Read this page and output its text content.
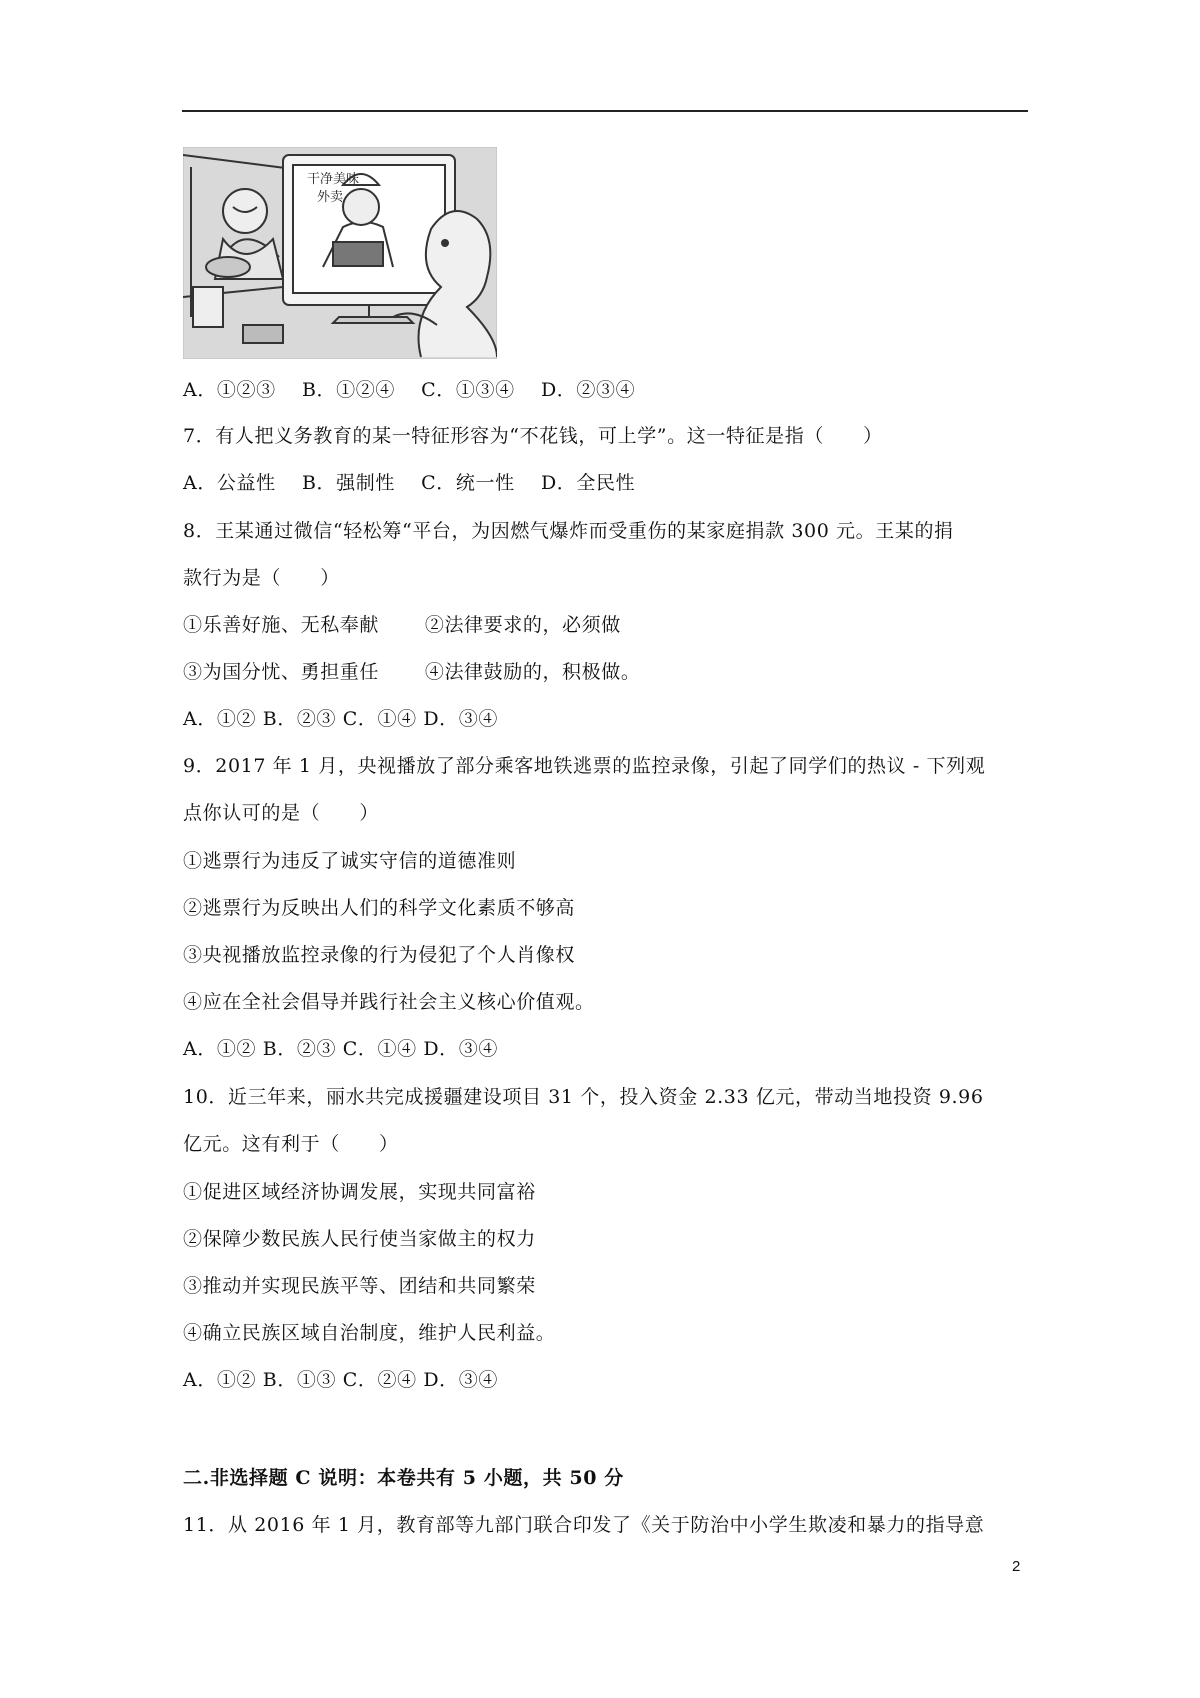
干净美味
外卖
A．①②③　 B．①②④　 C．①③④　 D．②③④
7．有人把义务教育的某一特征形容为“不花钱，可上学”。这一特征是指（　　）
A．公益性　 B．强制性　 C．统一性　 D．全民性
8．王某通过微信“轻松筹“平台，为因燃气爆炸而受重伤的某家庭捐款 300 元。王某的捐
款行为是（　　）
①乐善好施、无私奉献　　 ②法律要求的，必须做
③为国分忧、勇担重任　　 ④法律鼓励的，积极做。
A．①② B．②③ C．①④ D．③④
9．2017 年 1 月，央视播放了部分乘客地铁逃票的监控录像，引起了同学们的热议 - 下列观
点你认可的是（　　）
①逃票行为违反了诚实守信的道德准则
②逃票行为反映出人们的科学文化素质不够高
③央视播放监控录像的行为侵犯了个人肖像权
④应在全社会倡导并践行社会主义核心价值观。
A．①② B．②③ C．①④ D．③④
10．近三年来，丽水共完成援疆建设项目 31 个，投入资金 2.33 亿元，带动当地投资 9.96
亿元。这有利于（　　）
①促进区域经济协调发展，实现共同富裕
②保障少数民族人民行使当家做主的权力
③推动并实现民族平等、团结和共同繁荣
④确立民族区域自治制度，维护人民利益。
A．①② B．①③ C．②④ D．③④
二.非选择题 C 说明：本卷共有 5 小题，共 50 分
11．从 2016 年 1 月，教育部等九部门联合印发了《关于防治中小学生欺凌和暴力的指导意
2
